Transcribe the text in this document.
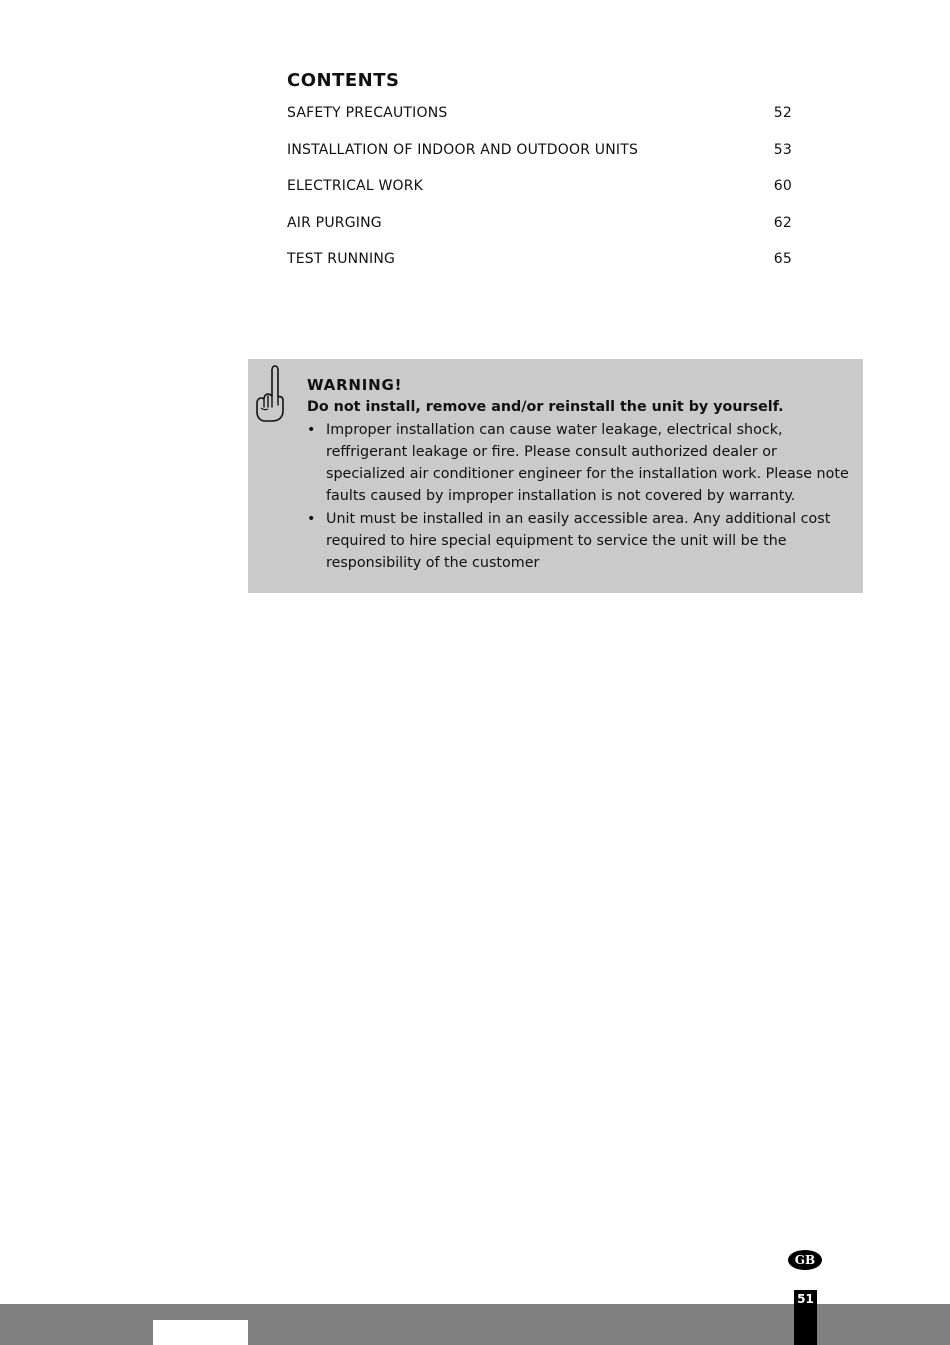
CONTENTS
SAFETY PRECAUTIONS	52
INSTALLATION OF INDOOR AND OUTDOOR UNITS	53
ELECTRICAL WORK	60
AIR PURGING	62
TEST RUNNING	65
WARNING!
Do not install, remove and/or reinstall the unit by yourself.
• Improper installation can cause water leakage, electrical shock, reffrigerant leakage or fire. Please consult authorized dealer or specialized air conditioner engineer for the installation work. Please note faults caused by improper installation is not covered by warranty.
• Unit must be installed in an easily accessible area. Any additional cost required to hire special equipment to service the unit will be the responsibility of the customer
GB
51
